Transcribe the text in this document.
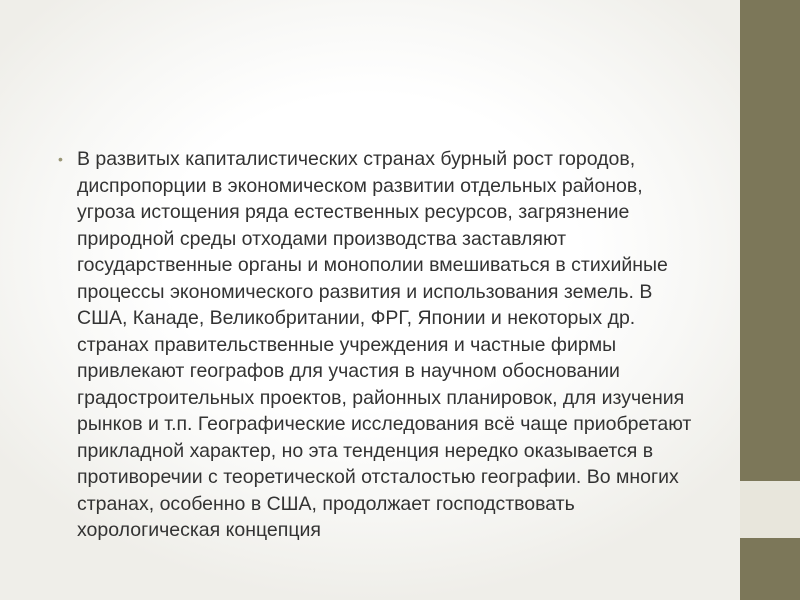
• В развитых капиталистических странах бурный рост городов, диспропорции в экономическом развитии отдельных районов, угроза истощения ряда естественных ресурсов, загрязнение природной среды отходами производства заставляют государственные органы и монополии вмешиваться в стихийные процессы экономического развития и использования земель. В США, Канаде, Великобритании, ФРГ, Японии и некоторых др. странах правительственные учреждения и частные фирмы привлекают географов для участия в научном обосновании градостроительных проектов, районных планировок, для изучения рынков и т.п. Географические исследования всё чаще приобретают прикладной характер, но эта тенденция нередко оказывается в противоречии с теоретической отсталостью географии. Во многих странах, особенно в США, продолжает господствовать хорологическая концепция
